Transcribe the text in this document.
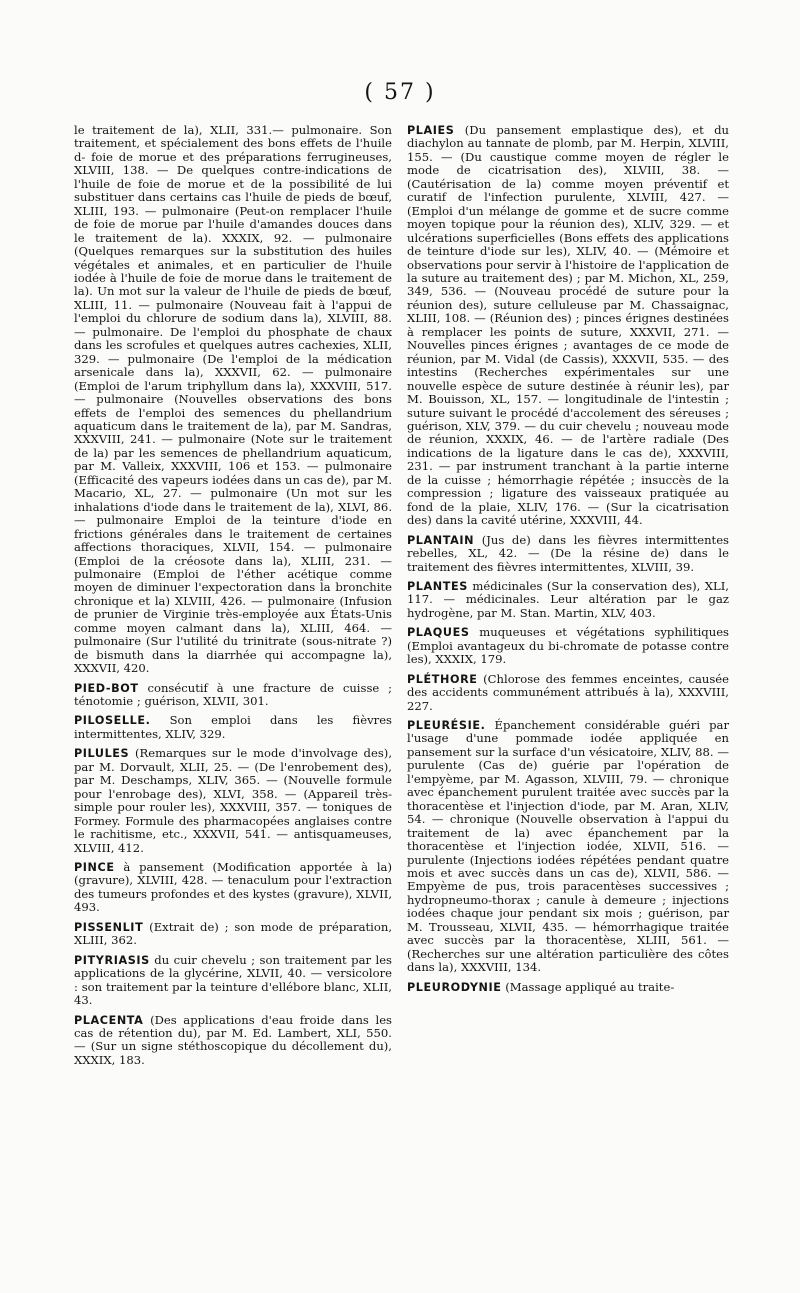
( 57 )

le traitement de la), XLII, 331.— pulmonaire. Son traitement, et spécialement des bons effets de l'huile d- foie de morue et des préparations ferrugineuses, XLVIII, 138. — De quelques contre-indications de l'huile de foie de morue et de la possibilité de lui substituer dans certains cas l'huile de pieds de bœuf, XLIII, 193. — pulmonaire (Peut-on remplacer l'huile de foie de morue par l'huile d'amandes douces dans le traitement de la). XXXIX, 92. — pulmonaire (Quelques remarques sur la substitution des huiles végétales et animales, et en particulier de l'huile iodée à l'huile de foie de morue dans le traitement de la). Un mot sur la valeur de l'huile de pieds de bœuf, XLIII, 11. — pulmonaire (Nouveau fait à l'appui de l'emploi du chlorure de sodium dans la), XLVIII, 88. — pulmonaire. De l'emploi du phosphate de chaux dans les scrofules et quelques autres cachexies, XLII, 329. — pulmonaire (De l'emploi de la médication arsenicale dans la), XXXVII, 62. — pulmonaire (Emploi de l'arum triphyllum dans la), XXXVIII, 517. — pulmonaire (Nouvelles observations des bons effets de l'emploi des semences du phellandrium aquaticum dans le traitement de la), par M. Sandras, XXXVIII, 241. — pulmonaire (Note sur le traitement de la) par les semences de phellandrium aquaticum, par M. Valleix, XXXVIII, 106 et 153. — pulmonaire (Efficacité des vapeurs iodées dans un cas de), par M. Macario, XL, 27. — pulmonaire (Un mot sur les inhalations d'iode dans le traitement de la), XLVI, 86. — pulmonaire Emploi de la teinture d'iode en frictions générales dans le traitement de certaines affections thoraciques, XLVII, 154. — pulmonaire (Emploi de la créosote dans la), XLIII, 231. — pulmonaire (Emploi de l'éther acétique comme moyen de diminuer l'expectoration dans la bronchite chronique et la) XLVIII, 426. — pulmonaire (Infusion de prunier de Virginie très-employée aux États-Unis comme moyen calmant dans la), XLIII, 464. — pulmonaire (Sur l'utilité du trinitrate (sous-nitrate ?) de bismuth dans la diarrhée qui accompagne la), XXXVII, 420.

PIED-BOT consécutif à une fracture de cuisse ; ténotomie ; guérison, XLVII, 301.

PILOSELLE. Son emploi dans les fièvres intermittentes, XLIV, 329.

PILULES (Remarques sur le mode d'involvage des), par M. Dorvault, XLII, 25. — (De l'enrobement des), par M. Deschamps, XLIV, 365. — (Nouvelle formule pour l'enrobage des), XLVI, 358. — (Appareil très-simple pour rouler les), XXXVIII, 357. — toniques de Formey. Formule des pharmacopées anglaises contre le rachitisme, etc., XXXVII, 541. — antisquameuses, XLVIII, 412.

PINCE à pansement (Modification apportée à la) (gravure), XLVIII, 428. — tenaculum pour l'extraction des tumeurs profondes et des kystes (gravure), XLVII, 493.

PISSENLIT (Extrait de) ; son mode de préparation, XLIII, 362.

PITYRIASIS du cuir chevelu ; son traitement par les applications de la glycérine, XLVII, 40. — versicolore : son traitement par la teinture d'ellébore blanc, XLII, 43.

PLACENTA (Des applications d'eau froide dans les cas de rétention du), par M. Ed. Lambert, XLI, 550. — (Sur un signe stéthoscopique du décollement du), XXXIX, 183.

PLAIES (Du pansement emplastique des), et du diachylon au tannate de plomb, par M. Herpin, XLVIII, 155. — (Du caustique comme moyen de régler le mode de cicatrisation des), XLVIII, 38. — (Cautérisation de la) comme moyen préventif et curatif de l'infection purulente, XLVIII, 427. — (Emploi d'un mélange de gomme et de sucre comme moyen topique pour la réunion des), XLIV, 329. — et ulcérations superficielles (Bons effets des applications de teinture d'iode sur les), XLIV, 40. — (Mémoire et observations pour servir à l'histoire de l'application de la suture au traitement des) ; par M. Michon, XL, 259, 349, 536. — (Nouveau procédé de suture pour la réunion des), suture celluleuse par M. Chassaignac, XLIII, 108. — (Réunion des) ; pinces érignes destinées à remplacer les points de suture, XXXVII, 271. — Nouvelles pinces érignes ; avantages de ce mode de réunion, par M. Vidal (de Cassis), XXXVII, 535. — des intestins (Recherches expérimentales sur une nouvelle espèce de suture destinée à réunir les), par M. Bouisson, XL, 157. — longitudinale de l'intestin ; suture suivant le procédé d'accolement des séreuses ; guérison, XLV, 379. — du cuir chevelu ; nouveau mode de réunion, XXXIX, 46. — de l'artère radiale (Des indications de la ligature dans le cas de), XXXVIII, 231. — par instrument tranchant à la partie interne de la cuisse ; hémorrhagie répétée ; insuccès de la compression ; ligature des vaisseaux pratiquée au fond de la plaie, XLIV, 176. — (Sur la cicatrisation des) dans la cavité utérine, XXXVIII, 44.

PLANTAIN (Jus de) dans les fièvres intermittentes rebelles, XL, 42. — (De la résine de) dans le traitement des fièvres intermittentes, XLVIII, 39.

PLANTES médicinales (Sur la conservation des), XLI, 117. — médicinales. Leur altération par le gaz hydrogène, par M. Stan. Martin, XLV, 403.

PLAQUES muqueuses et végétations syphilitiques (Emploi avantageux du bi-chromate de potasse contre les), XXXIX, 179.

PLÉTHORE (Chlorose des femmes enceintes, causée des accidents communément attribués à la), XXXVIII, 227.

PLEURÉSIE. Épanchement considérable guéri par l'usage d'une pommade iodée appliquée en pansement sur la surface d'un vésicatoire, XLIV, 88. — purulente (Cas de) guérie par l'opération de l'empyème, par M. Agasson, XLVIII, 79. — chronique avec épanchement purulent traitée avec succès par la thoracentèse et l'injection d'iode, par M. Aran, XLIV, 54. — chronique (Nouvelle observation à l'appui du traitement de la) avec épanchement par la thoracentèse et l'injection iodée, XLVII, 516. — purulente (Injections iodées répétées pendant quatre mois et avec succès dans un cas de), XLVII, 586. — Empyème de pus, trois paracentèses successives ; hydropneumo-thorax ; canule à demeure ; injections iodées chaque jour pendant six mois ; guérison, par M. Trousseau, XLVII, 435. — hémorrhagique traitée avec succès par la thoracentèse, XLIII, 561. — (Recherches sur une altération particulière des côtes dans la), XXXVIII, 134.

PLEURODYNIE (Massage appliqué au traite-
